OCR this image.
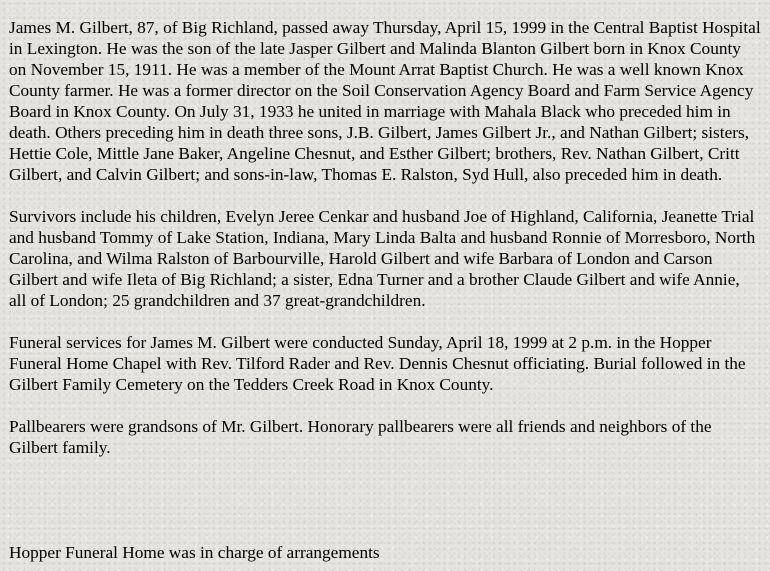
James M. Gilbert, 87, of Big Richland, passed away Thursday, April 15, 1999 in the Central Baptist Hospital in Lexington. He was the son of the late Jasper Gilbert and Malinda Blanton Gilbert born in Knox County on November 15, 1911. He was a member of the Mount Arrat Baptist Church. He was a well known Knox County farmer. He was a former director on the Soil Conservation Agency Board and Farm Service Agency Board in Knox County. On July 31, 1933 he united in marriage with Mahala Black who preceded him in death. Others preceding him in death three sons, J.B. Gilbert, James Gilbert Jr., and Nathan Gilbert; sisters, Hettie Cole, Mittle Jane Baker, Angeline Chesnut, and Esther Gilbert; brothers, Rev. Nathan Gilbert, Critt Gilbert, and Calvin Gilbert; and sons-in-law, Thomas E. Ralston, Syd Hull, also preceded him in death.

Survivors include his children, Evelyn Jeree Cenkar and husband Joe of Highland, California, Jeanette Trial and husband Tommy of Lake Station, Indiana, Mary Linda Balta and husband Ronnie of Morresboro, North Carolina, and Wilma Ralston of Barbourville, Harold Gilbert and wife Barbara of London and Carson Gilbert and wife Ileta of Big Richland; a sister, Edna Turner and a brother Claude Gilbert and wife Annie, all of London; 25 grandchildren and 37 great-grandchildren.

Funeral services for James M. Gilbert were conducted Sunday, April 18, 1999 at 2 p.m. in the Hopper Funeral Home Chapel with Rev. Tilford Rader and Rev. Dennis Chesnut officiating. Burial followed in the Gilbert Family Cemetery on the Tedders Creek Road in Knox County.

Pallbearers were grandsons of Mr. Gilbert. Honorary pallbearers were all friends and neighbors of the Gilbert family.

Hopper Funeral Home was in charge of arrangements
